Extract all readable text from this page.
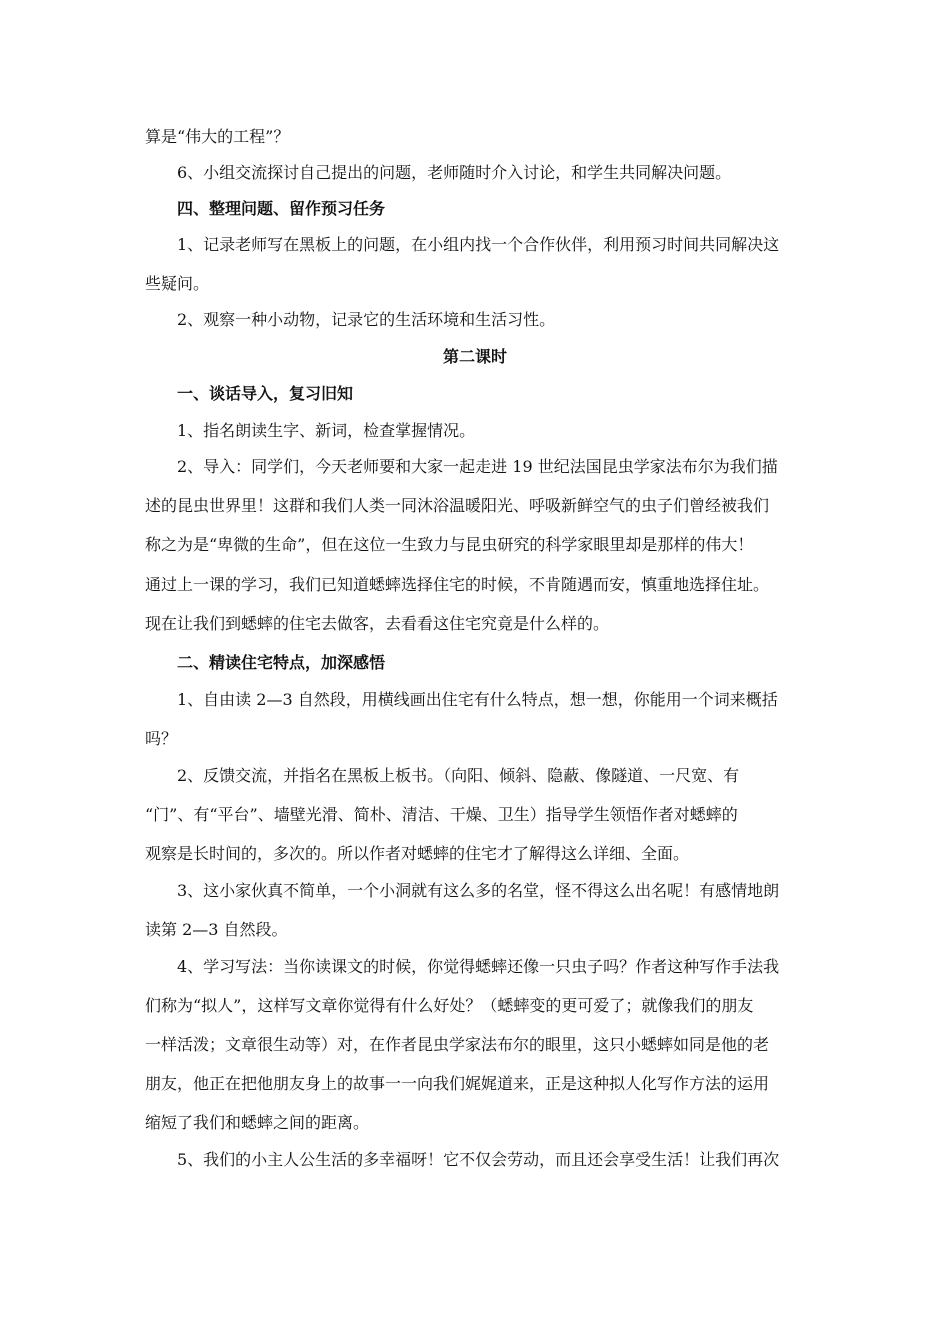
算是“伟大的工程”？
6、小组交流探讨自己提出的问题，老师随时介入讨论，和学生共同解决问题。
四、整理问题、留作预习任务
1、记录老师写在黑板上的问题，在小组内找一个合作伙伴，利用预习时间共同解决这
些疑问。
2、观察一种小动物，记录它的生活环境和生活习性。
第二课时
一、谈话导入，复习旧知
1、指名朗读生字、新词，检查掌握情况。
2、导入：同学们，今天老师要和大家一起走进 19 世纪法国昆虫学家法布尔为我们描
述的昆虫世界里！这群和我们人类一同沐浴温暖阳光、呼吸新鲜空气的虫子们曾经被我们
称之为是“卑微的生命”，但在这位一生致力与昆虫研究的科学家眼里却是那样的伟大！
通过上一课的学习，我们已知道蟋蟀选择住宅的时候，不肯随遇而安，慎重地选择住址。
现在让我们到蟋蟀的住宅去做客，去看看这住宅究竟是什么样的。
二、精读住宅特点，加深感悟
1、自由读 2—3 自然段，用横线画出住宅有什么特点，想一想，你能用一个词来概括
吗？
2、反馈交流，并指名在黑板上板书。（向阳、倾斜、隐蔽、像隧道、一尺宽、有
“门”、有“平台”、墙壁光滑、简朴、清洁、干燥、卫生）指导学生领悟作者对蟋蟀的
观察是长时间的，多次的。所以作者对蟋蟀的住宅才了解得这么详细、全面。
3、这小家伙真不简单，一个小洞就有这么多的名堂，怪不得这么出名呢！有感情地朗
读第 2—3 自然段。
4、学习写法：当你读课文的时候，你觉得蟋蟀还像一只虫子吗？作者这种写作手法我
们称为“拟人”，这样写文章你觉得有什么好处？（蟋蟀变的更可爱了；就像我们的朋友
一样活泼；文章很生动等）对，在作者昆虫学家法布尔的眼里，这只小蟋蟀如同是他的老
朋友，他正在把他朋友身上的故事一一向我们娓娓道来，正是这种拟人化写作方法的运用
缩短了我们和蟋蟀之间的距离。
5、我们的小主人公生活的多幸福呀！它不仅会劳动，而且还会享受生活！让我们再次
